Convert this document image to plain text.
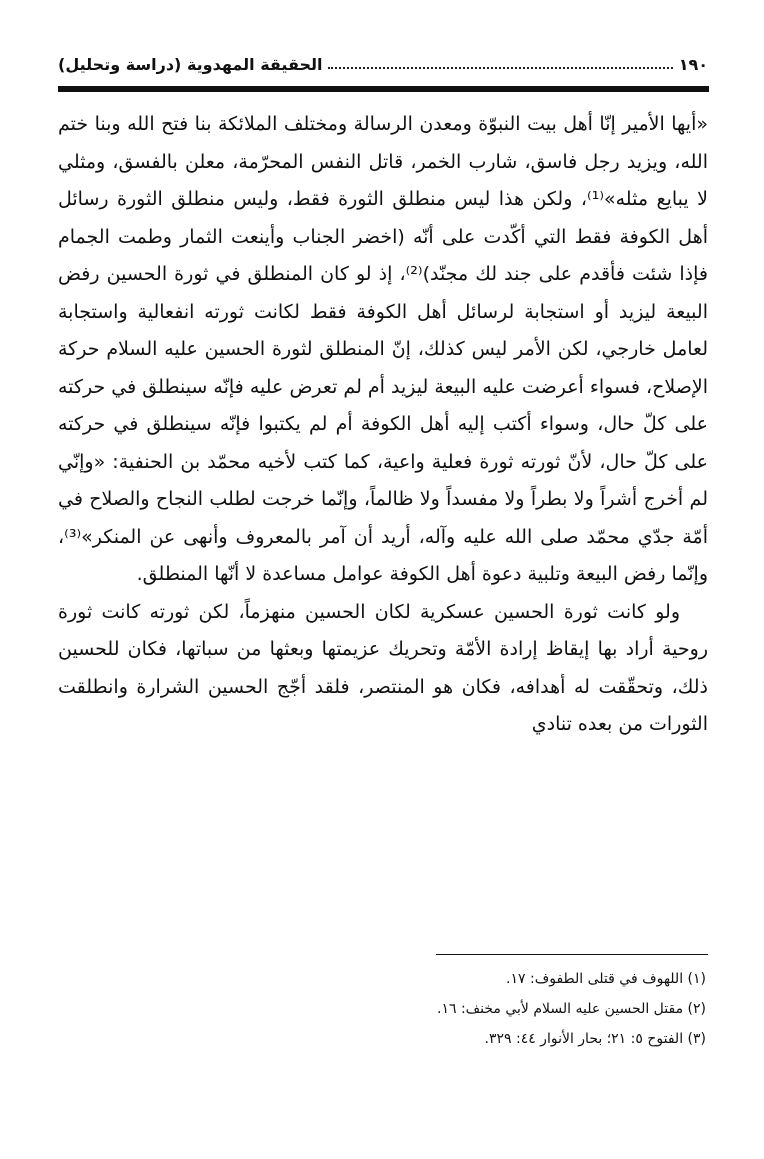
١٩٠
الحقيقة المهدوية (دراسة وتحليل)

«أيها الأمير إنّا أهل بيت النبوّة ومعدن الرسالة ومختلف الملائكة بنا فتح الله وبنا ختم الله، ويزيد رجل فاسق، شارب الخمر، قاتل النفس المحرّمة، معلن بالفسق، ومثلي لا يبايع مثله»⁽¹⁾، ولكن هذا ليس منطلق الثورة فقط، وليس منطلق الثورة رسائل أهل الكوفة فقط التي أكّدت على أنّه (اخضر الجناب وأينعت الثمار وطمت الجمام فإذا شئت فأقدم على جند لك مجنّد)⁽²⁾، إذ لو كان المنطلق في ثورة الحسين رفض البيعة ليزيد أو استجابة لرسائل أهل الكوفة فقط لكانت ثورته انفعالية واستجابة لعامل خارجي، لكن الأمر ليس كذلك، إنّ المنطلق لثورة الحسين عليه السلام حركة الإصلاح، فسواء أعرضت عليه البيعة ليزيد أم لم تعرض عليه فإنّه سينطلق في حركته على كلّ حال، وسواء أكتب إليه أهل الكوفة أم لم يكتبوا فإنّه سينطلق في حركته على كلّ حال، لأنّ ثورته ثورة فعلية واعية، كما كتب لأخيه محمّد بن الحنفية: «وإنّي لم أخرج أشراً ولا بطراً ولا مفسداً ولا ظالماً، وإنّما خرجت لطلب النجاح والصلاح في أمّة جدّي محمّد صلى الله عليه وآله، أريد أن آمر بالمعروف وأنهى عن المنكر»⁽³⁾، وإنّما رفض البيعة وتلبية دعوة أهل الكوفة عوامل مساعدة لا أنّها المنطلق.

ولو كانت ثورة الحسين عسكرية لكان الحسين منهزماً، لكن ثورته كانت ثورة روحية أراد بها إيقاظ إرادة الأمّة وتحريك عزيمتها وبعثها من سباتها، فكان للحسين ذلك، وتحقّقت له أهدافه، فكان هو المنتصر، فلقد أجّج الحسين الشرارة وانطلقت الثورات من بعده تنادي

(١) اللهوف في قتلى الطفوف: ١٧.

(٢) مقتل الحسين عليه السلام لأبي مخنف: ١٦.

(٣) الفتوح ٥: ٢١؛ بحار الأنوار ٤٤: ٣٢٩.
